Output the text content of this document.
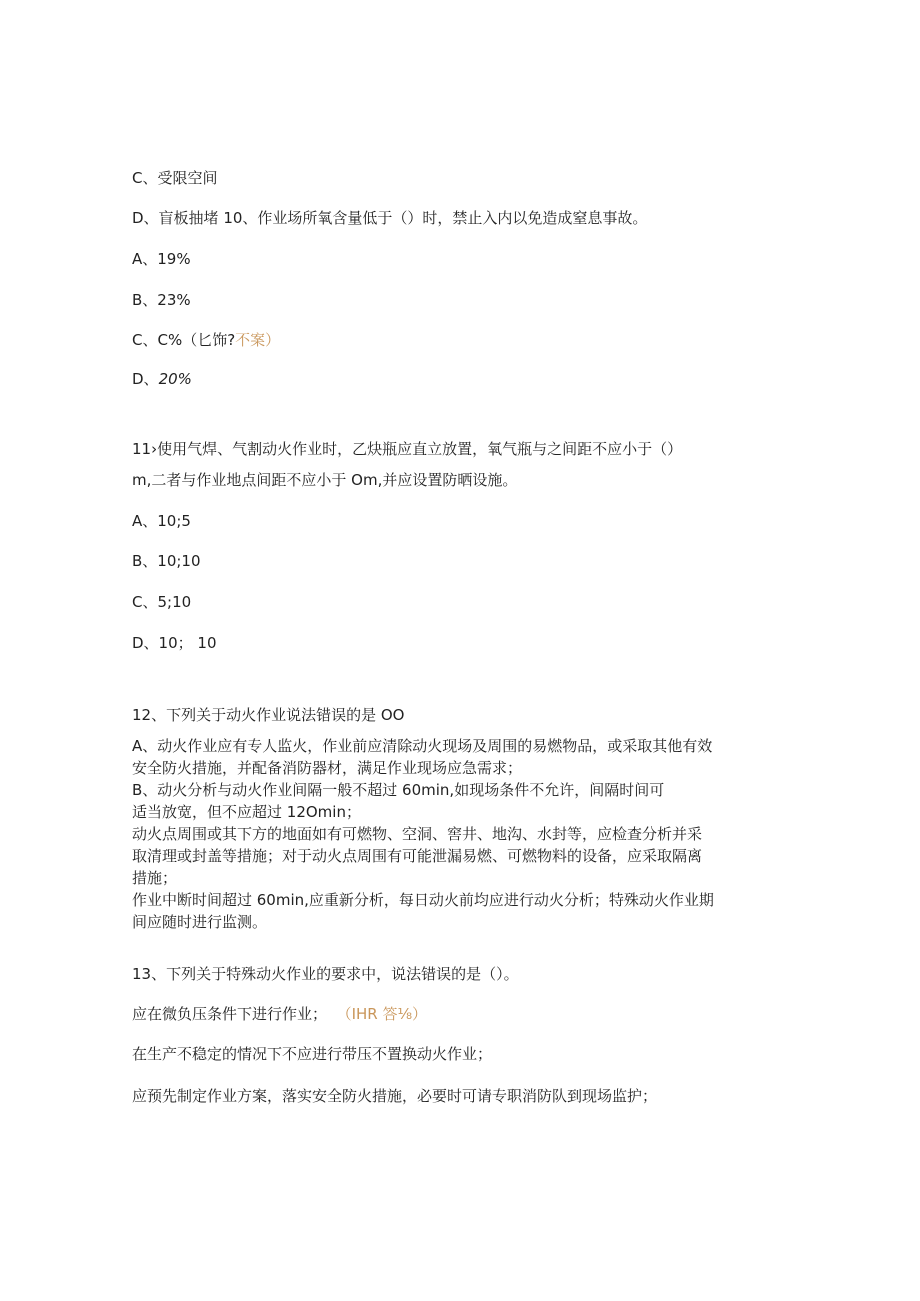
C、受限空间
D、盲板抽堵 10、作业场所氧含量低于（）时，禁止入内以免造成窒息事故。
A、19%
B、23%
C、C%（匕饰?不案）
D、20%
11›使用气焊、气割动火作业时，乙炔瓶应直立放置，氧气瓶与之间距不应小于（）
m,二者与作业地点间距不应小于 Om,并应设置防晒设施。
A、10;5
B、10;10
C、5;10
D、10； 10
12、下列关于动火作业说法错误的是 OO
A、动火作业应有专人监火，作业前应清除动火现场及周围的易燃物品，或采取其他有效
安全防火措施，并配备消防器材，满足作业现场应急需求；
B、动火分析与动火作业间隔一般不超过 60min,如现场条件不允许，间隔时间可
适当放宽，但不应超过 12Omin；
动火点周围或其下方的地面如有可燃物、空洞、窖井、地沟、水封等，应检查分析并采
取清理或封盖等措施；对于动火点周围有可能泄漏易燃、可燃物料的设备，应采取隔离
措施；
作业中断时间超过 60min,应重新分析，每日动火前均应进行动火分析；特殊动火作业期
间应随时进行监测。
13、下列关于特殊动火作业的要求中，说法错误的是（）。
应在微负压条件下进行作业； （IHR 答⅛）
在生产不稳定的情况下不应进行带压不置换动火作业；
应预先制定作业方案，落实安全防火措施，必要时可请专职消防队到现场监护；
